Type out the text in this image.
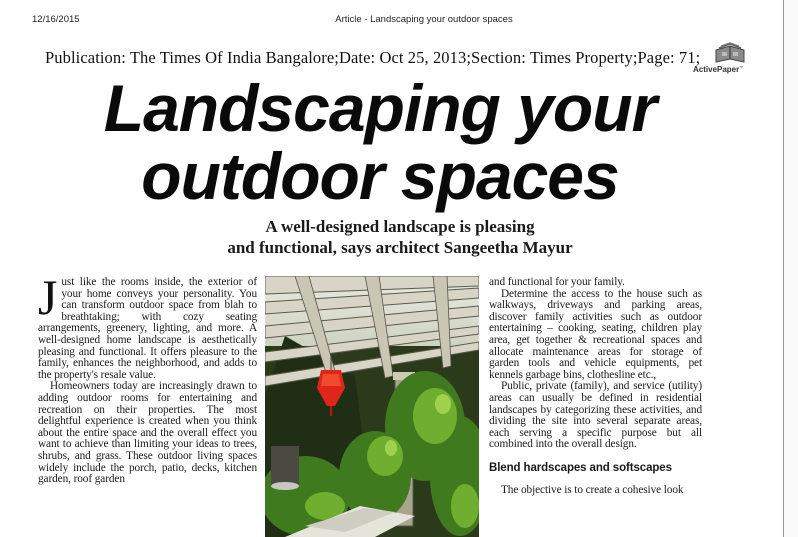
12/16/2015	Article - Landscaping your outdoor spaces
Publication: The Times Of India Bangalore;Date: Oct 25, 2013;Section: Times Property;Page: 71;
ActivePaper™
Landscaping your
outdoor spaces
A well-designed landscape is pleasing
and functional, says architect Sangeetha Mayur

Just like the rooms inside, the exterior of your home conveys your personality. You can transform outdoor space from blah to breathtaking; with cozy seating arrangements, greenery, lighting, and more. A well-designed home landscape is aesthetically pleasing and functional. It offers pleasure to the family, enhances the neighborhood, and adds to the property's resale value.

Homeowners today are increasingly drawn to adding outdoor rooms for entertaining and recreation on their properties. The most delightful experience is created when you think about the entire space and the overall effect you want to achieve than limiting your ideas to trees, shrubs, and grass. These outdoor living spaces widely include the porch, patio, decks, kitchen garden, roof garden

and functional for your family.

Determine the access to the house such as walkways, driveways and parking areas, discover family activities such as outdoor entertaining – cooking, seating, children play area, get together & recreational spaces and allocate maintenance areas for storage of garden tools and vehicle equipments, pet kennels garbage bins, clothesline etc.,

Public, private (family), and service (utility) areas can usually be defined in residential landscapes by categorizing these activities, and dividing the site into several separate areas, each serving a specific purpose but all combined into the overall design.

Blend hardscapes and softscapes

The objective is to create a cohesive look
